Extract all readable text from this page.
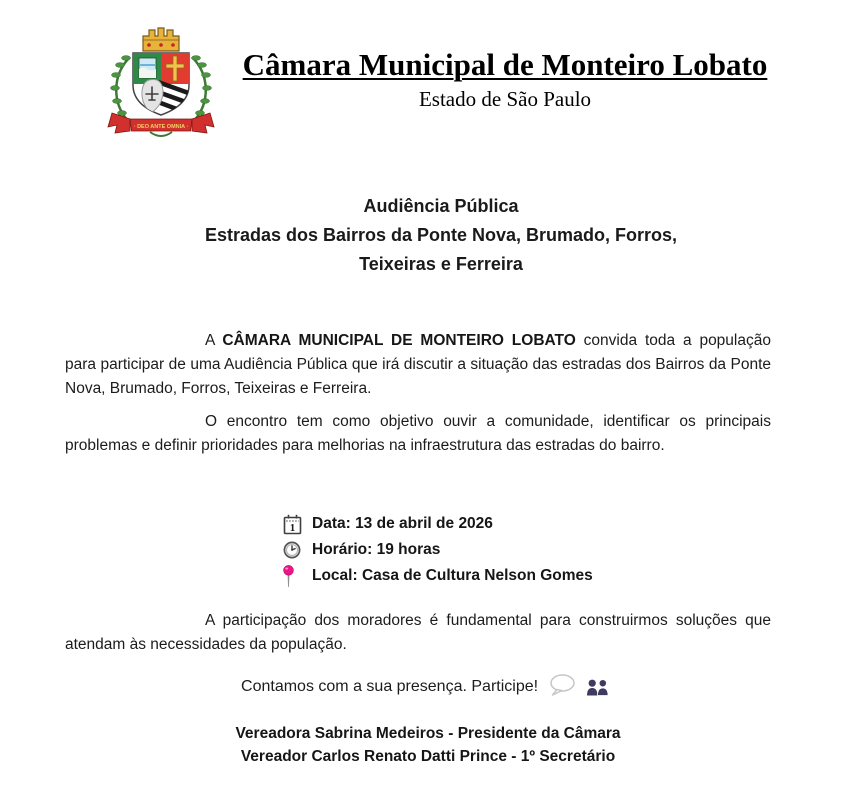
· DEO ANTE OMNIA ·
Câmara Municipal de Monteiro Lobato
Estado de São Paulo
Audiência Pública
Estradas dos Bairros da Ponte Nova, Brumado, Forros,
Teixeiras e Ferreira

A CÂMARA MUNICIPAL DE MONTEIRO LOBATO convida toda a população para participar de uma Audiência Pública que irá discutir a situação das estradas dos Bairros da Ponte Nova, Brumado, Forros, Teixeiras e Ferreira.

O encontro tem como objetivo ouvir a comunidade, identificar os principais problemas e definir prioridades para melhorias na infraestrutura das estradas do bairro.

1	Data: 13 de abril de 2026
Horário: 19 horas
Local: Casa de Cultura Nelson Gomes

A participação dos moradores é fundamental para construirmos soluções que atendam às necessidades da população.

Contamos com a sua presença. Participe!
Vereadora Sabrina Medeiros - Presidente da Câmara
Vereador Carlos Renato Datti Prince - 1º Secretário
